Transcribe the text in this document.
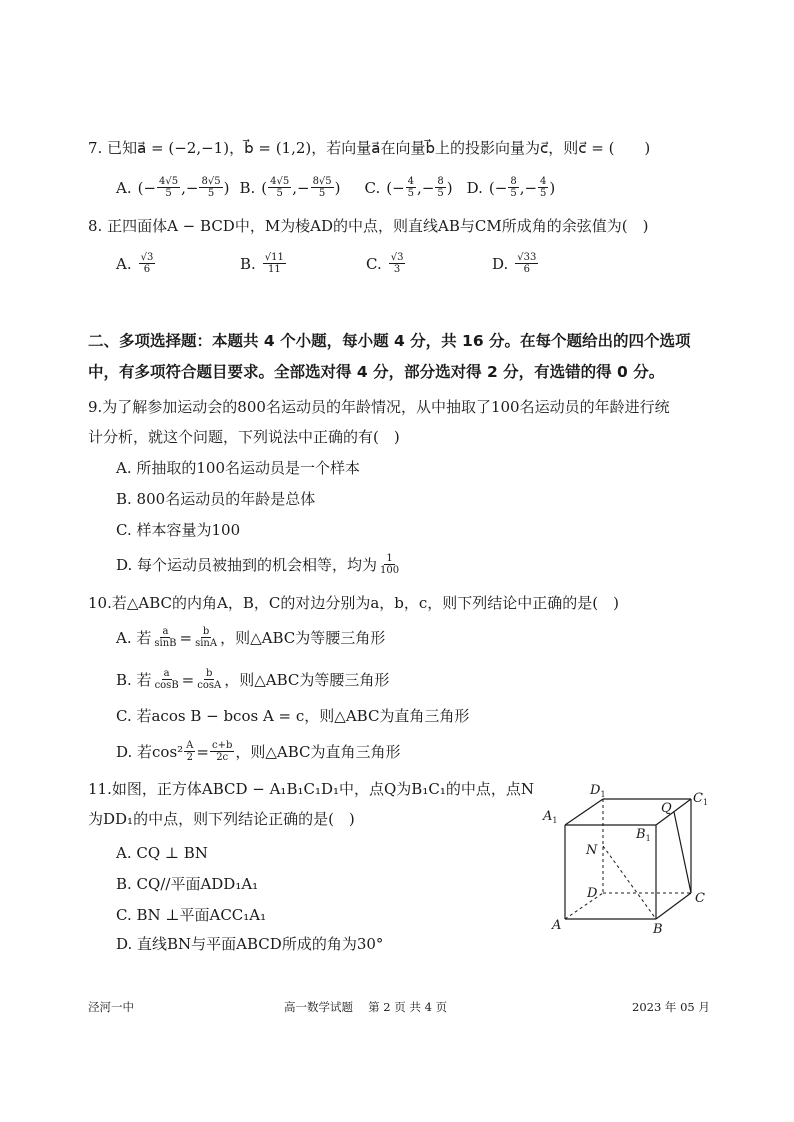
7. 已知a⃗ = (−2,−1)，b⃗ = (1,2)，若向量a⃗在向量b⃗上的投影向量为c⃗，则c⃗ = (　　)
A. (− $\frac{4√5}{5}$ ,− $\frac{8√5}{5}$ ) B. ( $\frac{4√5}{5}$ ,− $\frac{8√5}{5}$ ) C. (− $\frac{4}{5}$ ,− $\frac{8}{5}$ ) D. (− $\frac{8}{5}$ ,− $\frac{4}{5}$ )
8. 正四面体A − BCD中，M为棱AD的中点，则直线AB与CM所成角的余弦值为(　)
A. $\frac{√3}{6}$	B. $\frac{√11}{11}$	C. $\frac{√3}{3}$	D. $\frac{√33}{6}$
二、多项选择题：本题共 4 个小题，每小题 4 分，共 16 分。在每个题给出的四个选项
中，有多项符合题目要求。全部选对得 4 分，部分选对得 2 分，有选错的得 0 分。
9.为了解参加运动会的800名运动员的年龄情况，从中抽取了100名运动员的年龄进行统
计分析，就这个问题，下列说法中正确的有(　)
A. 所抽取的100名运动员是一个样本
B. 800名运动员的年龄是总体
C. 样本容量为100
D. 每个运动员被抽到的机会相等，均为 $\frac{1}{100}$
10.若△ABC的内角A，B，C的对边分别为a，b，c，则下列结论中正确的是(　)
A. 若 $\frac{a}{\sin B} = \frac{b}{\sin A}$ ，则△ABC为等腰三角形
B. 若 $\frac{a}{\cos B} = \frac{b}{\cos A}$ ，则△ABC为等腰三角形
C. 若acos B − bcos A = c，则△ABC为直角三角形
D. 若$\cos^2 \frac{A}{2} = \frac{c+b}{2c}$ ，则△ABC为直角三角形
11.如图，正方体ABCD − A₁B₁C₁D₁中，点Q为B₁C₁的中点，点N
为DD₁的中点，则下列结论正确的是(　)
A. CQ ⊥ BN
B. CQ//平面ADD₁A₁
C. BN ⊥平面ACC₁A₁
D. 直线BN与平面ABCD所成的角为30°
$D_1$	$C_1$
$A_1$
$B_1$
Q
N
D	C
A	B
泾河一中	高一数学试题　 第 2 页 共 4 页	2023 年 05 月
